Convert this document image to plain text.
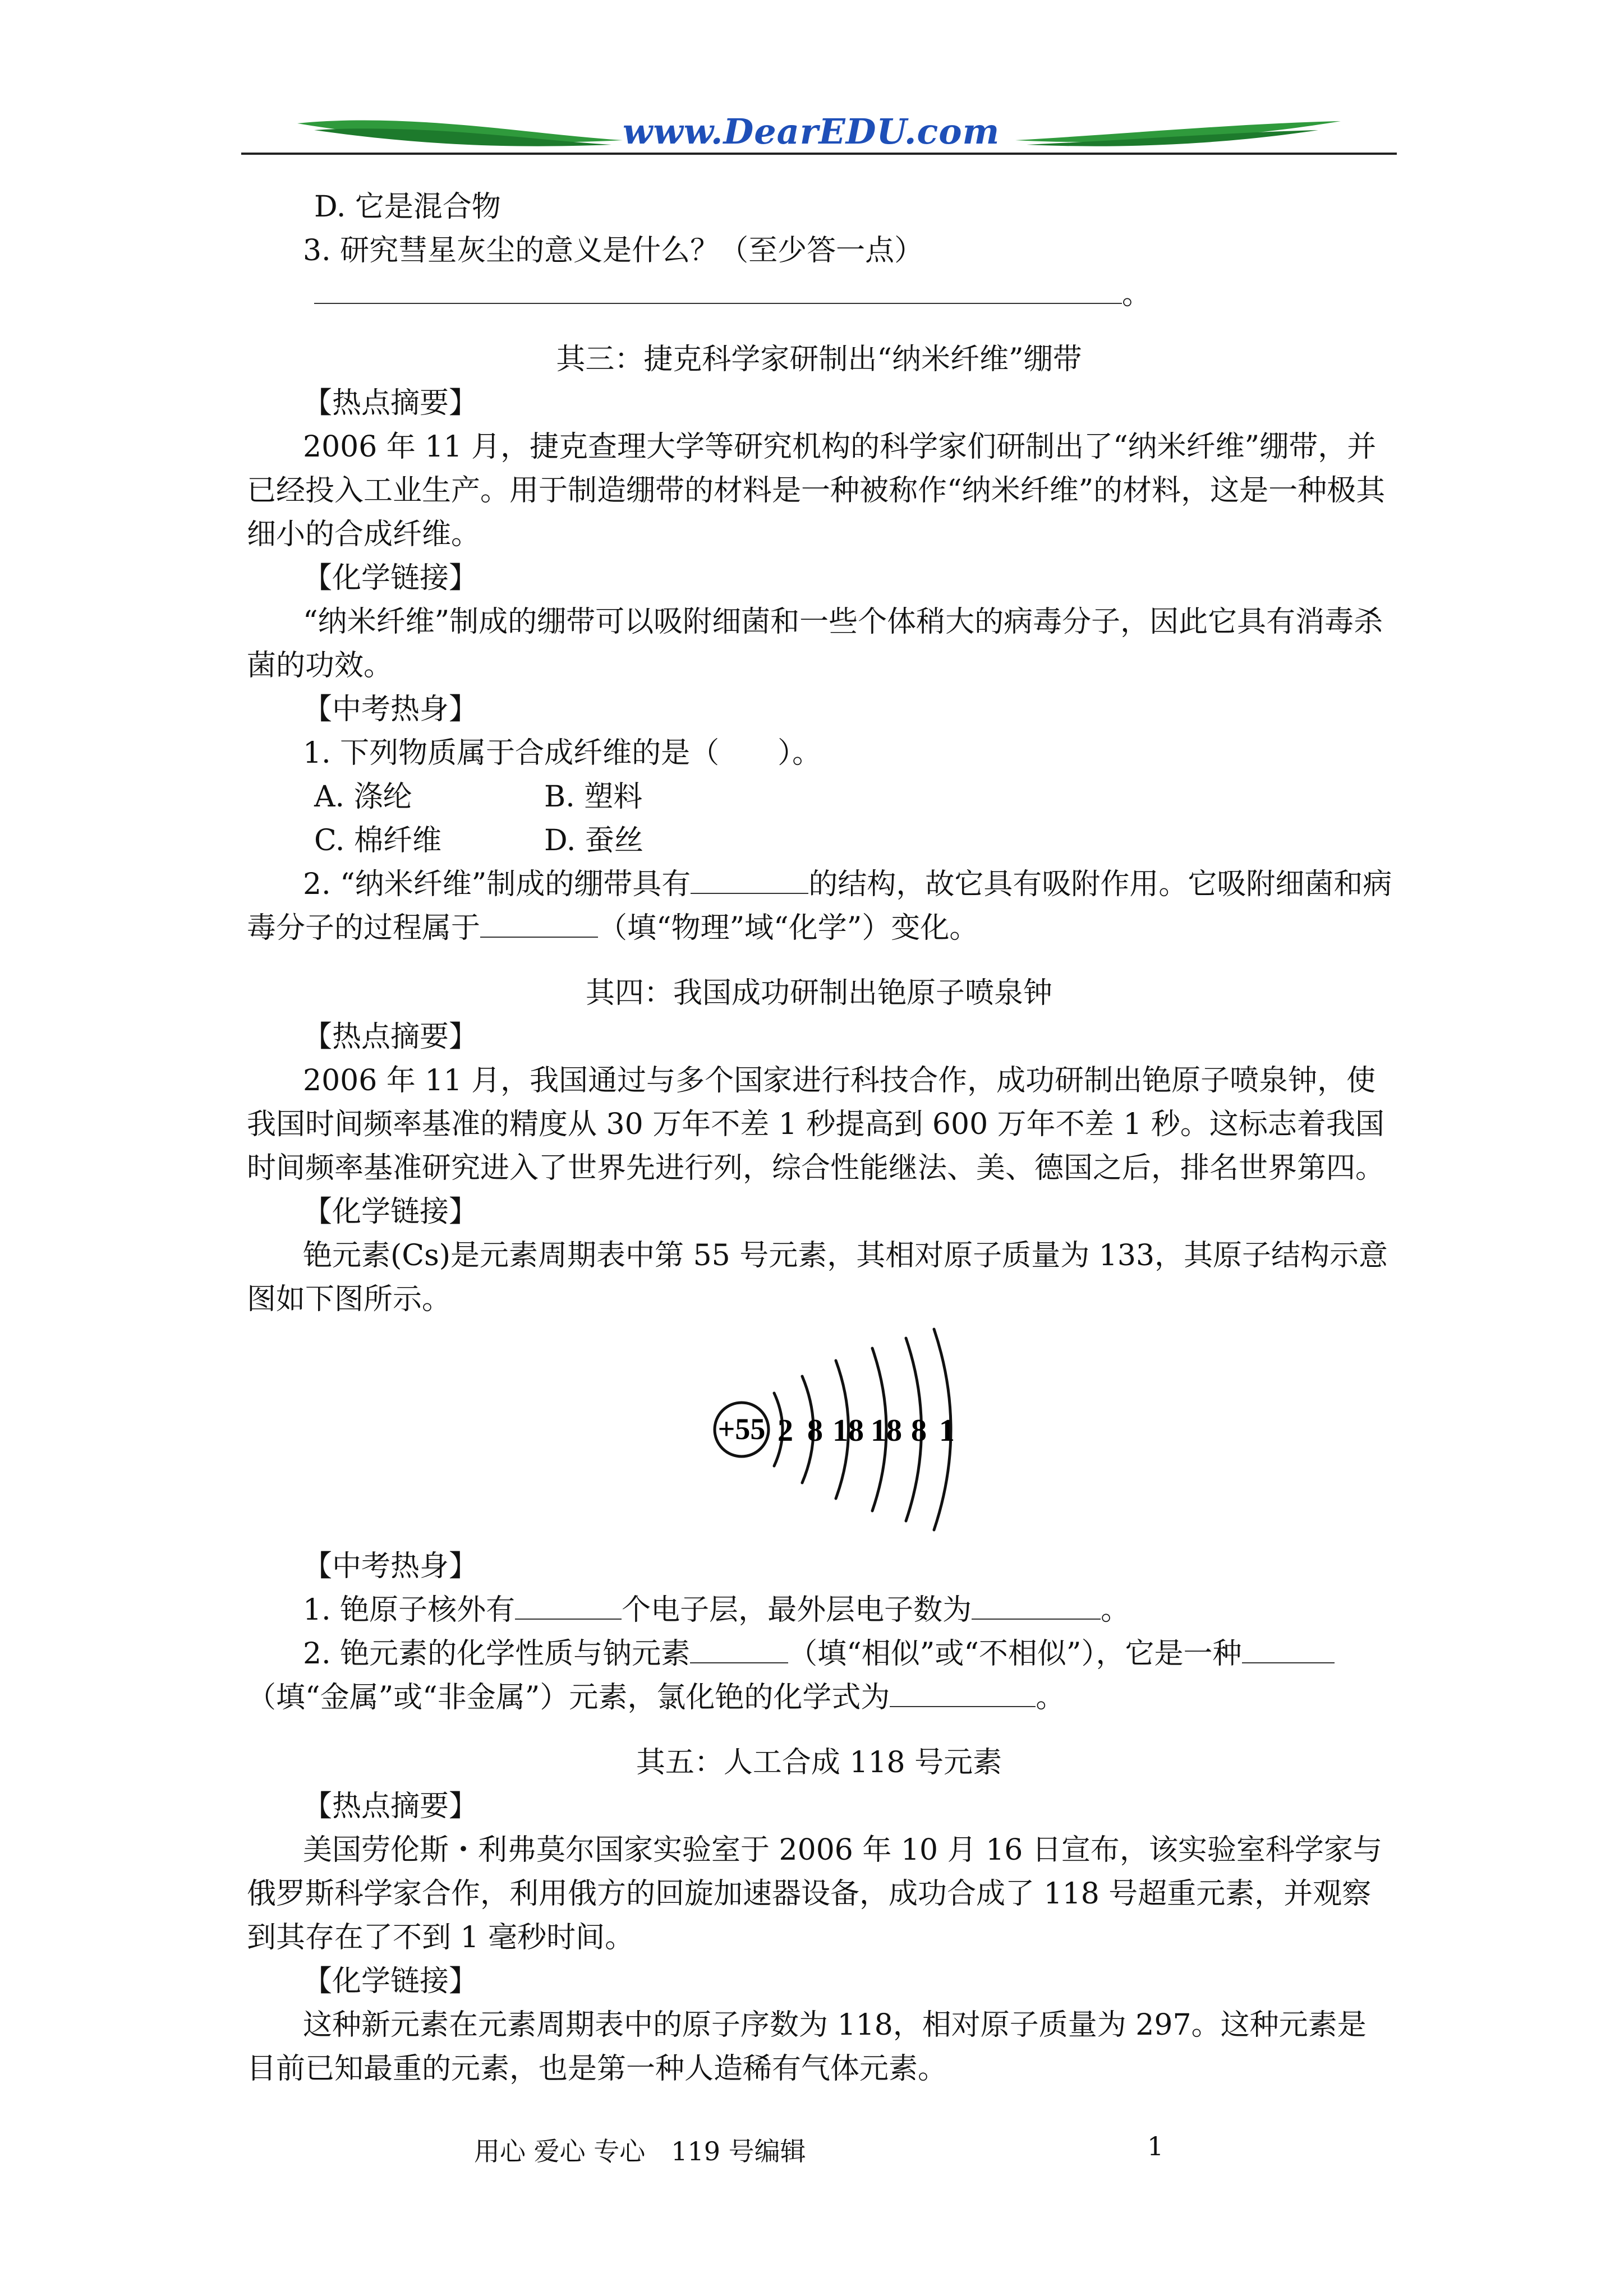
www.DearEDU.com
D. 它是混合物
3. 研究彗星灰尘的意义是什么？（至少答一点）
。
其三：捷克科学家研制出“纳米纤维”绷带
【热点摘要】
2006 年 11 月，捷克查理大学等研究机构的科学家们研制出了“纳米纤维”绷带，并已经投入工业生产。用于制造绷带的材料是一种被称作“纳米纤维”的材料，这是一种极其细小的合成纤维。
【化学链接】
“纳米纤维”制成的绷带可以吸附细菌和一些个体稍大的病毒分子，因此它具有消毒杀菌的功效。
【中考热身】
1. 下列物质属于合成纤维的是（　　）。
A. 涤纶	B. 塑料
C. 棉纤维	D. 蚕丝
2. “纳米纤维”制成的绷带具有	的结构，故它具有吸附作用。它吸附细菌和病
毒分子的过程属于	（填“物理”域“化学”）变化。
其四：我国成功研制出铯原子喷泉钟
【热点摘要】
2006 年 11 月，我国通过与多个国家进行科技合作，成功研制出铯原子喷泉钟，使我国时间频率基准的精度从 30 万年不差 1 秒提高到 600 万年不差 1 秒。这标志着我国时间频率基准研究进入了世界先进行列，综合性能继法、美、德国之后，排名世界第四。
【化学链接】
铯元素(Cs)是元素周期表中第 55 号元素，其相对原子质量为 133，其原子结构示意图如下图所示。
+55 2 8 18 18 8 1
【中考热身】
1. 铯原子核外有	个电子层，最外层电子数为	。
2. 铯元素的化学性质与钠元素	（填“相似”或“不相似”），它是一种
（填“金属”或“非金属”）元素，氯化铯的化学式为	。
其五：人工合成 118 号元素
【热点摘要】
美国劳伦斯・利弗莫尔国家实验室于 2006 年 10 月 16 日宣布，该实验室科学家与俄罗斯科学家合作，利用俄方的回旋加速器设备，成功合成了 118 号超重元素，并观察到其存在了不到 1 毫秒时间。
【化学链接】
这种新元素在元素周期表中的原子序数为 118，相对原子质量为 297。这种元素是目前已知最重的元素，也是第一种人造稀有气体元素。
用心 爱心 专心　119 号编辑	1
